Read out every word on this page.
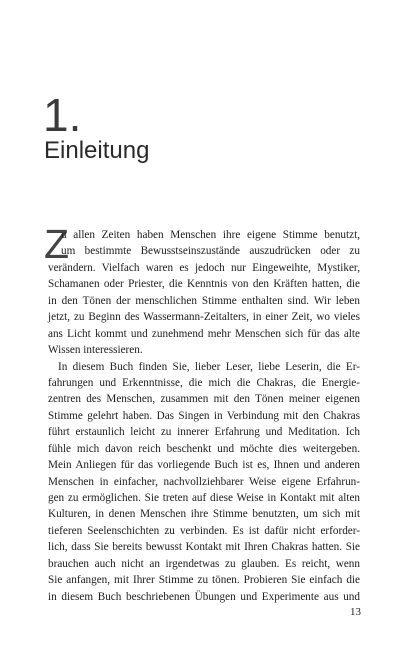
1.
Einleitung
Z
u allen Zeiten haben Menschen ihre eigene Stimme benutzt,
um bestimmte Bewusstseinszustände auszudrücken oder zu
verändern. Vielfach waren es jedoch nur Eingeweihte, Mystiker,
Schamanen oder Priester, die Kenntnis von den Kräften hatten, die
in den Tönen der menschlichen Stimme enthalten sind. Wir leben
jetzt, zu Beginn des Wassermann-Zeitalters, in einer Zeit, wo vieles
ans Licht kommt und zunehmend mehr Menschen sich für das alte
Wissen interessieren.
In diesem Buch finden Sie, lieber Leser, liebe Leserin, die Er-
fahrungen und Erkenntnisse, die mich die Chakras, die Energie-
zentren des Menschen, zusammen mit den Tönen meiner eigenen
Stimme gelehrt haben. Das Singen in Verbindung mit den Chakras
führt erstaunlich leicht zu innerer Erfahrung und Meditation. Ich
fühle mich davon reich beschenkt und möchte dies weitergeben.
Mein Anliegen für das vorliegende Buch ist es, Ihnen und anderen
Menschen in einfacher, nachvollziehbarer Weise eigene Erfahrun-
gen zu ermöglichen. Sie treten auf diese Weise in Kontakt mit alten
Kulturen, in denen Menschen ihre Stimme benutzten, um sich mit
tieferen Seelenschichten zu verbinden. Es ist dafür nicht erforder-
lich, dass Sie bereits bewusst Kontakt mit Ihren Chakras hatten. Sie
brauchen auch nicht an irgendetwas zu glauben. Es reicht, wenn
Sie anfangen, mit Ihrer Stimme zu tönen. Probieren Sie einfach die
in diesem Buch beschriebenen Übungen und Experimente aus und
13
